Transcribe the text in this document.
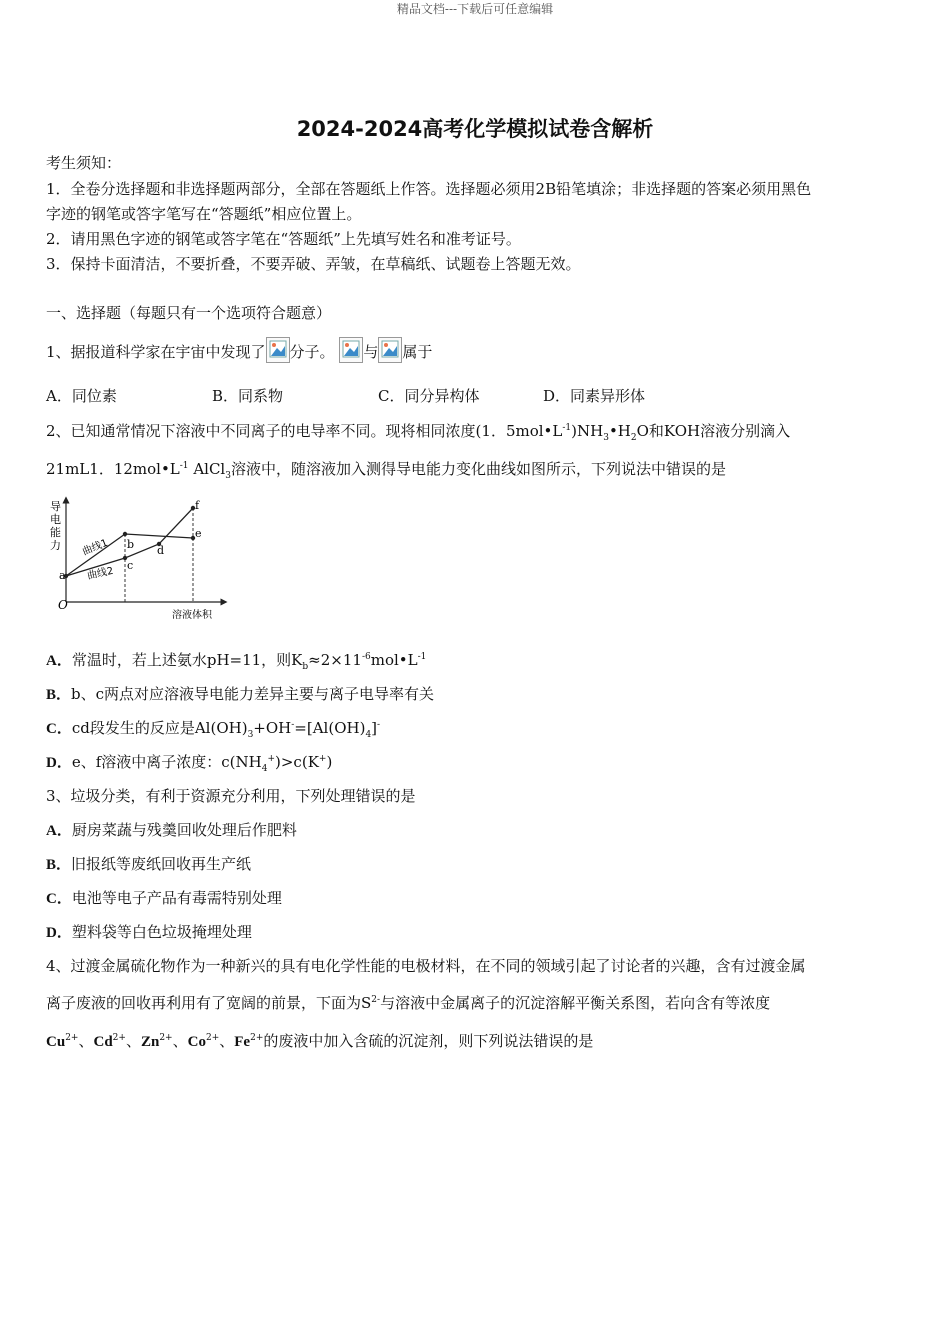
精品文档---下载后可任意编辑
2024-2024高考化学模拟试卷含解析
考生须知：
1．全卷分选择题和非选择题两部分，全部在答题纸上作答。选择题必须用2B铅笔填涂；非选择题的答案必须用黑色
字迹的钢笔或答字笔写在“答题纸”相应位置上。
2．请用黑色字迹的钢笔或答字笔在“答题纸”上先填写姓名和准考证号。
3．保持卡面清洁，不要折叠，不要弄破、弄皱，在草稿纸、试题卷上答题无效。
一、选择题（每题只有一个选项符合题意）
1、据报道科学家在宇宙中发现了 分子。 与 属于
A．同位素	B．同系物	C．同分异构体	D．同素异形体
2、已知通常情况下溶液中不同离子的电导率不同。现将相同浓度(1．$5mol•L^{-1})NH_3•H_2O$和KOH溶液分别滴入
21mL1．$12mol•L^{-1}$ AlCl$_3$溶液中，随溶液加入测得导电能力变化曲线如图所示，下列说法中错误的是
导
电
能
力
O
溶液体积
a
b
c
d
e
f
曲线1
曲线2
A．常温时，若上述氨水pH=11，则$K_b\approx 2\times 11^{-6}mol•L^{-1}$
B．b、c两点对应溶液导电能力差异主要与离子电导率有关
C．cd段发生的反应是$Al(OH)_3+OH^-=[Al(OH)_4]^-$
D．e、f溶液中离子浓度：$c(NH_4^+)>c(K^+)$
3、垃圾分类，有利于资源充分利用，下列处理错误的是
A．厨房菜蔬与残羹回收处理后作肥料
B．旧报纸等废纸回收再生产纸
C．电池等电子产品有毒需特别处理
D．塑料袋等白色垃圾掩埋处理
4、过渡金属硫化物作为一种新兴的具有电化学性能的电极材料，在不同的领域引起了讨论者的兴趣，含有过渡金属
离子废液的回收再利用有了宽阔的前景，下面为$S^{2-}$与溶液中金属离子的沉淀溶解平衡关系图，若向含有等浓度
$Cu^{2+}$、$Cd^{2+}$、$Zn^{2+}$、$Co^{2+}$、$Fe^{2+}$的废液中加入含硫的沉淀剂，则下列说法错误的是
